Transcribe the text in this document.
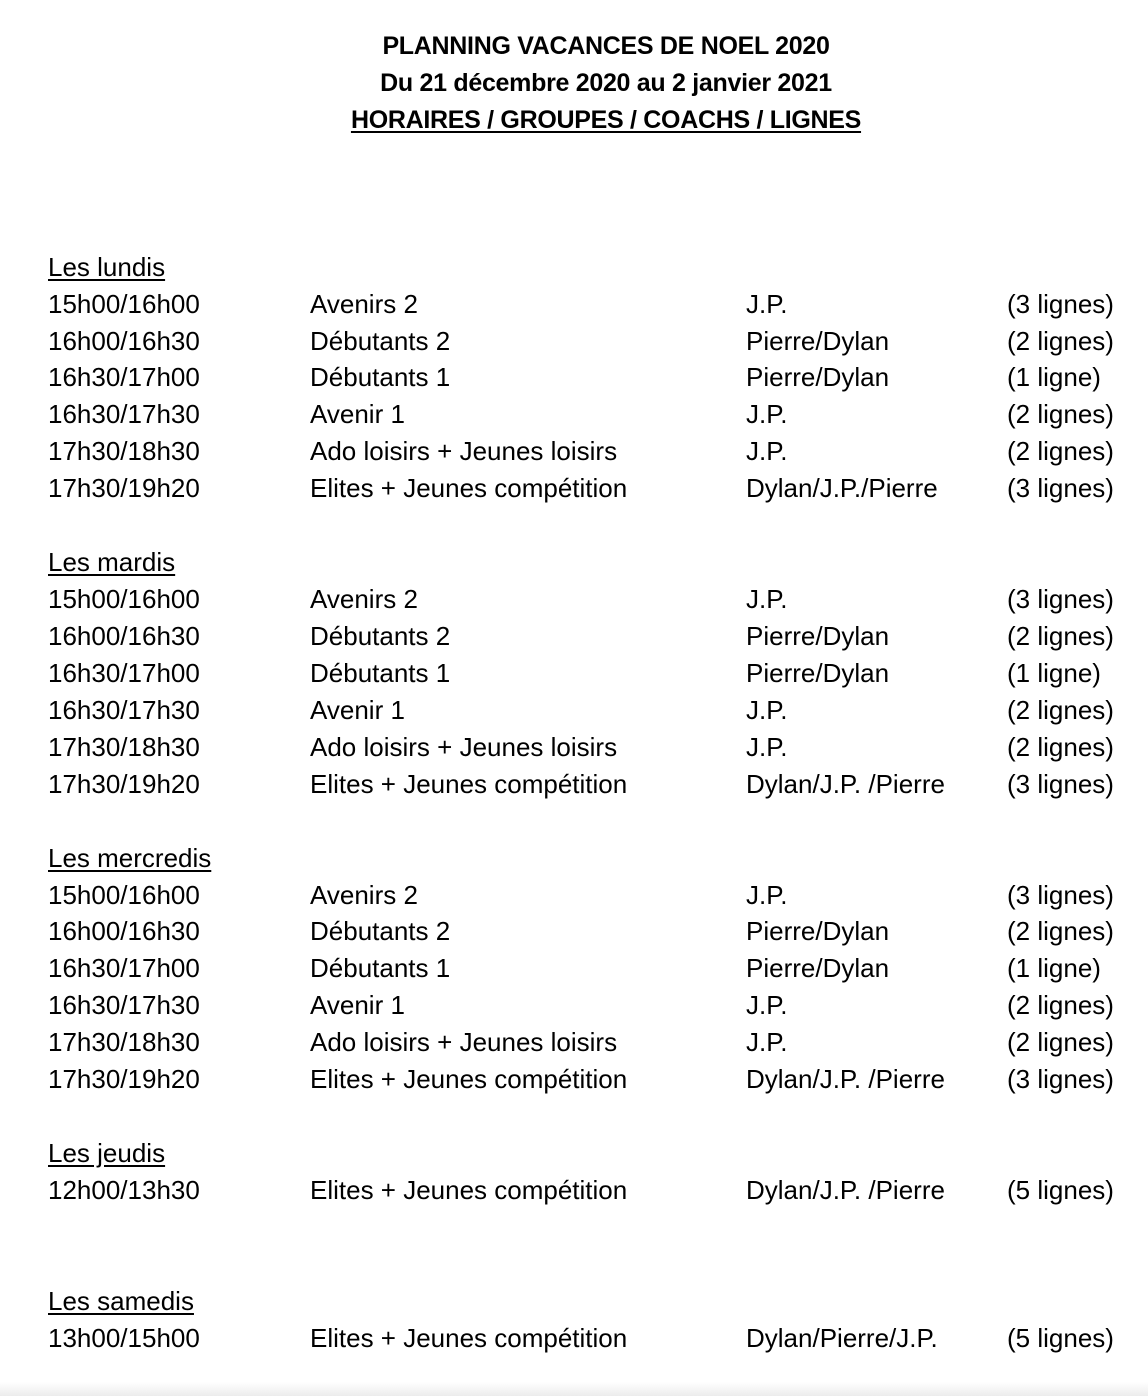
PLANNING VACANCES DE NOEL 2020
Du 21 décembre 2020 au 2 janvier 2021
HORAIRES / GROUPES / COACHS / LIGNES
Les lundis
15h00/16h00	Avenirs 2	J.P.	(3 lignes)
16h00/16h30	Débutants 2	Pierre/Dylan	(2 lignes)
16h30/17h00	Débutants 1	Pierre/Dylan	(1 ligne)
16h30/17h30	Avenir 1	J.P.	(2 lignes)
17h30/18h30	Ado loisirs + Jeunes loisirs	J.P.	(2 lignes)
17h30/19h20	Elites + Jeunes compétition	Dylan/J.P./Pierre	(3 lignes)
Les mardis
15h00/16h00	Avenirs 2	J.P.	(3 lignes)
16h00/16h30	Débutants 2	Pierre/Dylan	(2 lignes)
16h30/17h00	Débutants 1	Pierre/Dylan	(1 ligne)
16h30/17h30	Avenir 1	J.P.	(2 lignes)
17h30/18h30	Ado loisirs + Jeunes loisirs	J.P.	(2 lignes)
17h30/19h20	Elites + Jeunes compétition	Dylan/J.P. /Pierre (3 lignes)
Les mercredis
15h00/16h00	Avenirs 2	J.P.	(3 lignes)
16h00/16h30	Débutants 2	Pierre/Dylan	(2 lignes)
16h30/17h00	Débutants 1	Pierre/Dylan	(1 ligne)
16h30/17h30	Avenir 1	J.P.	(2 lignes)
17h30/18h30	Ado loisirs + Jeunes loisirs	J.P.	(2 lignes)
17h30/19h20	Elites + Jeunes compétition	Dylan/J.P. /Pierre (3 lignes)
Les jeudis
12h00/13h30	Elites + Jeunes compétition	Dylan/J.P. /Pierre (5 lignes)
Les samedis
13h00/15h00	Elites + Jeunes compétition	Dylan/Pierre/J.P.	(5 lignes)
